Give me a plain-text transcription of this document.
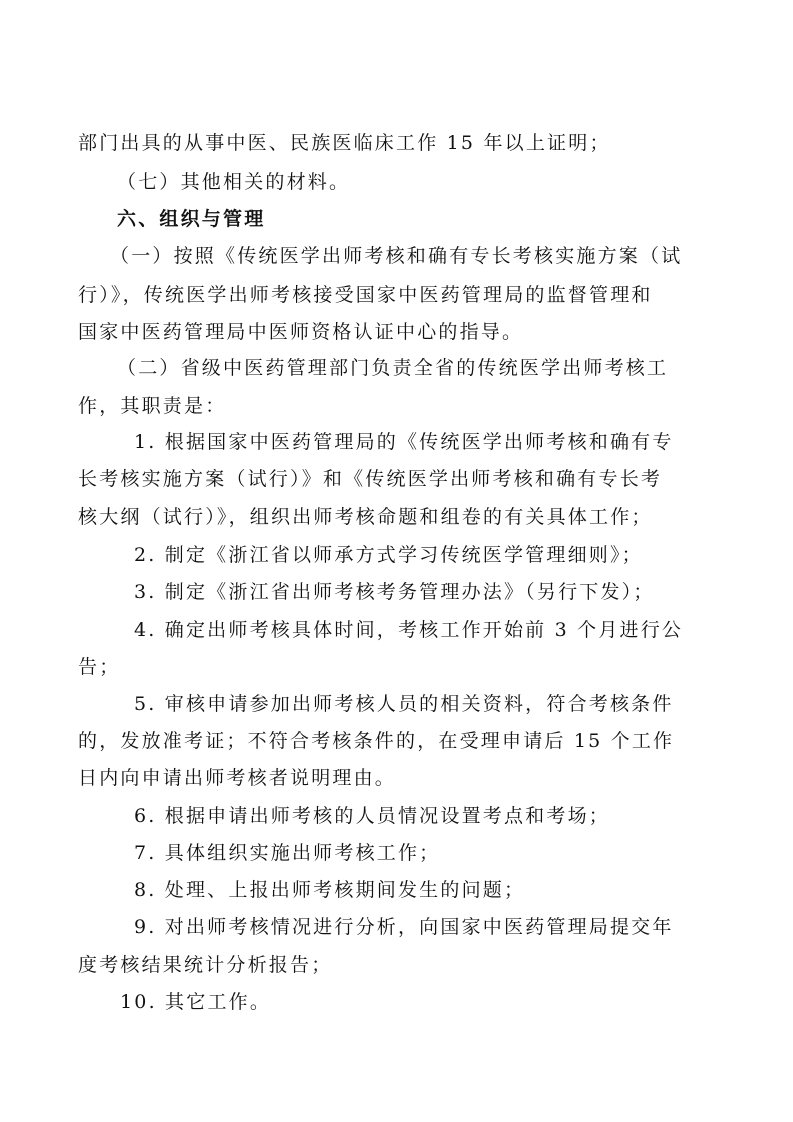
部门出具的从事中医、民族医临床工作 15 年以上证明；
（七）其他相关的材料。
六、组织与管理
（一）按照《传统医学出师考核和确有专长考核实施方案（试
行）》，传统医学出师考核接受国家中医药管理局的监督管理和
国家中医药管理局中医师资格认证中心的指导。
（二）省级中医药管理部门负责全省的传统医学出师考核工
作，其职责是：
1. 根据国家中医药管理局的《传统医学出师考核和确有专
长考核实施方案（试行）》和《传统医学出师考核和确有专长考
核大纲（试行）》，组织出师考核命题和组卷的有关具体工作；
2. 制定《浙江省以师承方式学习传统医学管理细则》；
3. 制定《浙江省出师考核考务管理办法》（另行下发）；
4. 确定出师考核具体时间，考核工作开始前 3 个月进行公
告；
5. 审核申请参加出师考核人员的相关资料，符合考核条件
的，发放准考证；不符合考核条件的，在受理申请后 15 个工作
日内向申请出师考核者说明理由。
6. 根据申请出师考核的人员情况设置考点和考场；
7. 具体组织实施出师考核工作；
8. 处理、上报出师考核期间发生的问题；
9. 对出师考核情况进行分析，向国家中医药管理局提交年
度考核结果统计分析报告；
10. 其它工作。
